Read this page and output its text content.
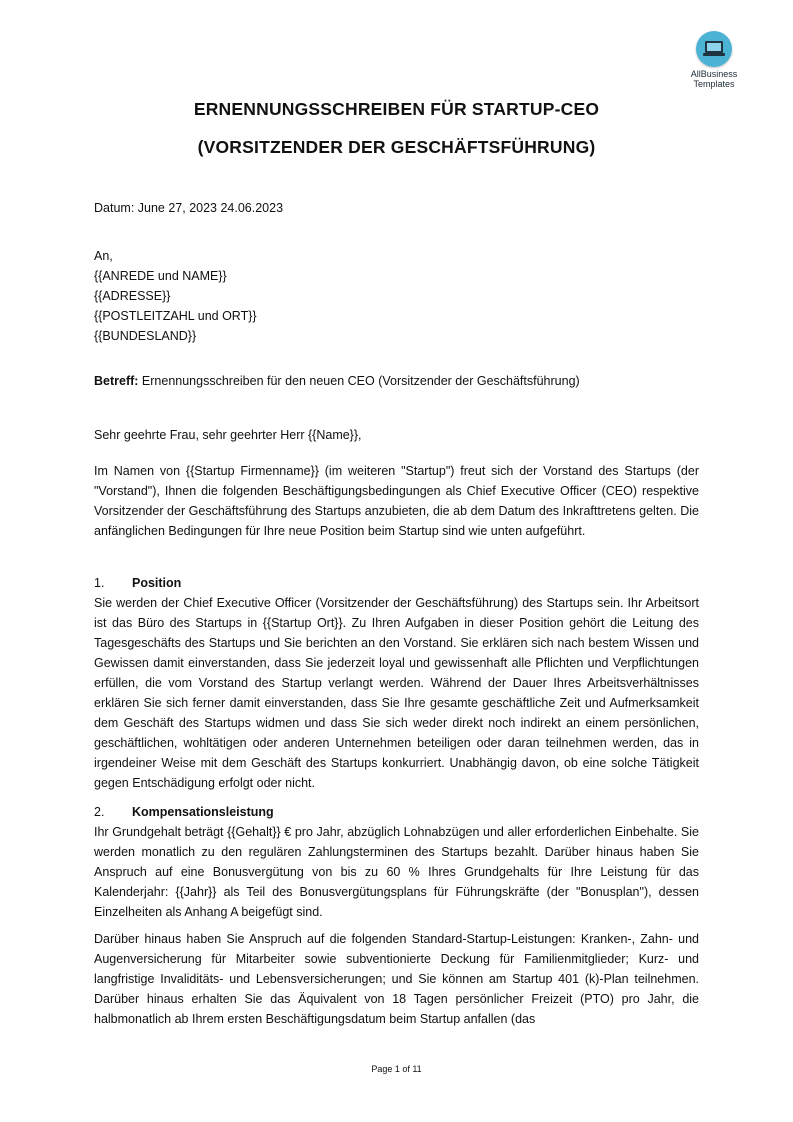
AllBusiness
Templates
ERNENNUNGSSCHREIBEN FÜR STARTUP-CEO
(VORSITZENDER DER GESCHÄFTSFÜHRUNG)
Datum: June 27, 2023 24.06.2023
An,
{{ANREDE und NAME}}
{{ADRESSE}}
{{POSTLEITZAHL und ORT}}
{{BUNDESLAND}}
Betreff: Ernennungsschreiben für den neuen CEO (Vorsitzender der Geschäftsführung)
Sehr geehrte Frau, sehr geehrter Herr {{Name}},
Im Namen von {{Startup Firmenname}} (im weiteren "Startup") freut sich der Vorstand des Startups (der "Vorstand"), Ihnen die folgenden Beschäftigungsbedingungen als Chief Executive Officer (CEO) respektive Vorsitzender der Geschäftsführung des Startups anzubieten, die ab dem Datum des Inkrafttretens gelten. Die anfänglichen Bedingungen für Ihre neue Position beim Startup sind wie unten aufgeführt.
1. Position
Sie werden der Chief Executive Officer (Vorsitzender der Geschäftsführung) des Startups sein. Ihr Arbeitsort ist das Büro des Startups in {{Startup Ort}}. Zu Ihren Aufgaben in dieser Position gehört die Leitung des Tagesgeschäfts des Startups und Sie berichten an den Vorstand. Sie erklären sich nach bestem Wissen und Gewissen damit einverstanden, dass Sie jederzeit loyal und gewissenhaft alle Pflichten und Verpflichtungen erfüllen, die vom Vorstand des Startup verlangt werden. Während der Dauer Ihres Arbeitsverhältnisses erklären Sie sich ferner damit einverstanden, dass Sie Ihre gesamte geschäftliche Zeit und Aufmerksamkeit dem Geschäft des Startups widmen und dass Sie sich weder direkt noch indirekt an einem persönlichen, geschäftlichen, wohltätigen oder anderen Unternehmen beteiligen oder daran teilnehmen werden, das in irgendeiner Weise mit dem Geschäft des Startups konkurriert. Unabhängig davon, ob eine solche Tätigkeit gegen Entschädigung erfolgt oder nicht.
2. Kompensationsleistung
Ihr Grundgehalt beträgt {{Gehalt}} € pro Jahr, abzüglich Lohnabzügen und aller erforderlichen Einbehalte. Sie werden monatlich zu den regulären Zahlungsterminen des Startups bezahlt. Darüber hinaus haben Sie Anspruch auf eine Bonusvergütung von bis zu 60 % Ihres Grundgehalts für Ihre Leistung für das Kalenderjahr: {{Jahr}} als Teil des Bonusvergütungsplans für Führungskräfte (der "Bonusplan"), dessen Einzelheiten als Anhang A beigefügt sind.
Darüber hinaus haben Sie Anspruch auf die folgenden Standard-Startup-Leistungen: Kranken-, Zahn- und Augenversicherung für Mitarbeiter sowie subventionierte Deckung für Familienmitglieder; Kurz- und langfristige Invaliditäts- und Lebensversicherungen; und Sie können am Startup 401 (k)-Plan teilnehmen. Darüber hinaus erhalten Sie das Äquivalent von 18 Tagen persönlicher Freizeit (PTO) pro Jahr, die halbmonatlich ab Ihrem ersten Beschäftigungsdatum beim Startup anfallen (das
Page 1 of 11
